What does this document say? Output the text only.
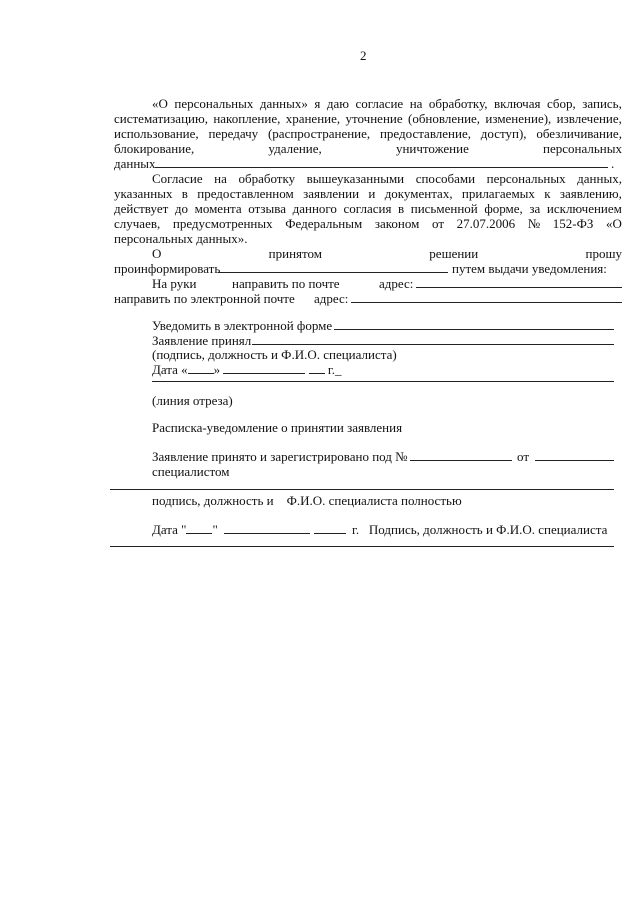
2
«О персональных данных» я даю согласие на обработку, включая сбор, запись,
систематизацию, накопление, хранение, уточнение (обновление, изменение), извлечение,
использование, передачу (распространение, предоставление, доступ), обезличивание,
блокирование,	удаление,	уничтожение	персональных
данных	.
Согласие на обработку вышеуказанными способами персональных данных,
указанных в предоставленном заявлении и документах, прилагаемых к заявлению,
действует до момента отзыва данного согласия в письменной форме, за исключением
случаев, предусмотренных Федеральным законом от 27.07.2006 № 152-ФЗ «О
персональных данных».
О	принятом	решении	прошу
проинформировать	путем выдачи уведомления:
На руки	направить по почте	адрес:
направить по электронной почте адрес:
Уведомить в электронной форме
Заявление принял
(подпись, должность и Ф.И.О. специалиста)
Дата « »	г._
(линия отреза)
Расписка-уведомление о принятии заявления
Заявление принято и зарегистрировано под №	от
специалистом
подпись, должность и    Ф.И.О. специалиста полностью
Дата " "	г. Подпись, должность и Ф.И.О. специалиста
